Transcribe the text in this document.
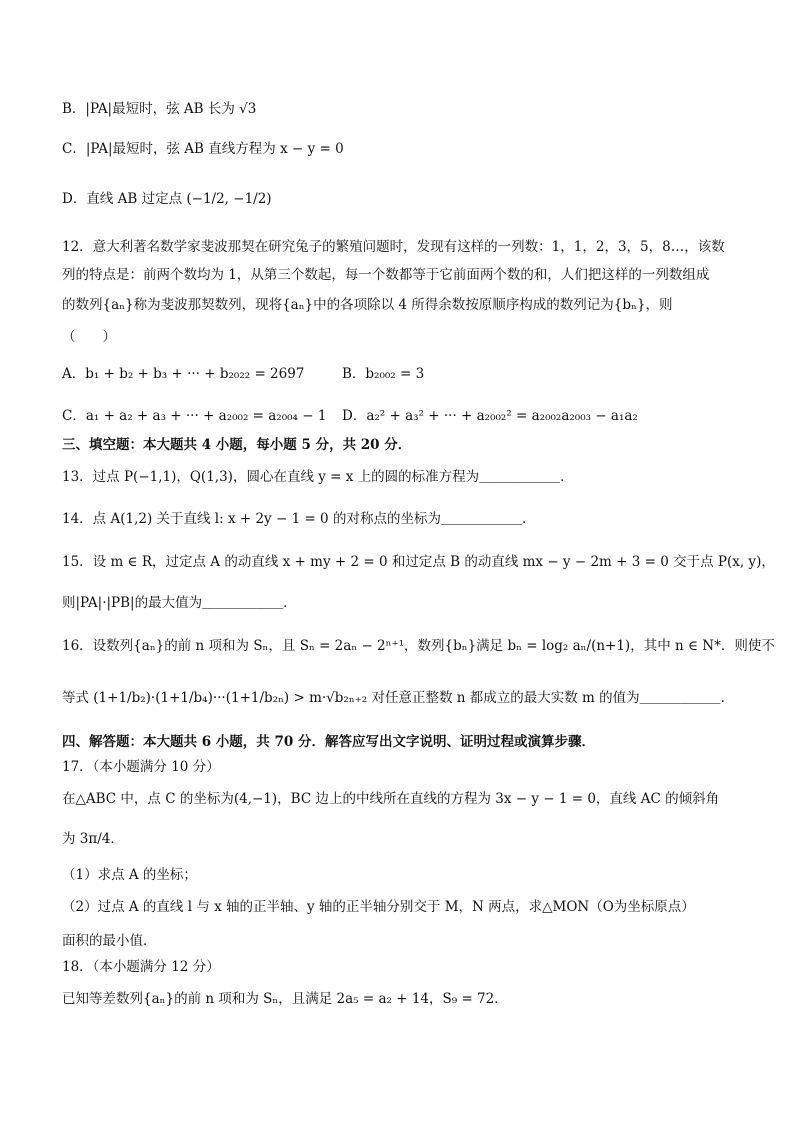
B．|PA|最短时，弦 AB 长为 √3
C．|PA|最短时，弦 AB 直线方程为 x − y = 0
D．直线 AB 过定点 (−1/2, −1/2)
12．意大利著名数学家斐波那契在研究兔子的繁殖问题时，发现有这样的一列数：1，1，2，3，5，8…，该数
列的特点是：前两个数均为 1，从第三个数起，每一个数都等于它前面两个数的和，人们把这样的一列数组成
的数列{aₙ}称为斐波那契数列，现将{aₙ}中的各项除以 4 所得余数按原顺序构成的数列记为{bₙ}，则
（　　）
A．b₁ + b₂ + b₃ + ··· + b₂₀₂₂ = 2697	B．b₂₀₀₂ = 3
C．a₁ + a₂ + a₃ + ··· + a₂₀₀₂ = a₂₀₀₄ − 1 D．a₂² + a₃² + ··· + a₂₀₀₂² = a₂₀₀₂a₂₀₀₃ − a₁a₂
三、填空题：本大题共 4 小题，每小题 5 分，共 20 分．
13．过点 P(−1,1)，Q(1,3)，圆心在直线 y = x 上的圆的标准方程为＿＿＿＿＿＿．
14．点 A(1,2) 关于直线 l: x + 2y − 1 = 0 的对称点的坐标为＿＿＿＿＿＿．
15．设 m ∈ R，过定点 A 的动直线 x + my + 2 = 0 和过定点 B 的动直线 mx − y − 2m + 3 = 0 交于点 P(x, y)，
则|PA|·|PB|的最大值为＿＿＿＿＿＿．
16．设数列{aₙ}的前 n 项和为 Sₙ，且 Sₙ = 2aₙ − 2ⁿ⁺¹，数列{bₙ}满足 bₙ = log₂ aₙ/(n+1)，其中 n ∈ N*．则使不
等式 (1+1/b₂)·(1+1/b₄)···(1+1/b₂ₙ) > m·√b₂ₙ₊₂ 对任意正整数 n 都成立的最大实数 m 的值为＿＿＿＿＿＿．
四、解答题：本大题共 6 小题，共 70 分．解答应写出文字说明、证明过程或演算步骤．
17．（本小题满分 10 分）
在△ABC 中，点 C 的坐标为(4,−1)，BC 边上的中线所在直线的方程为 3x − y − 1 = 0，直线 AC 的倾斜角
为 3π/4．
（1）求点 A 的坐标；
（2）过点 A 的直线 l 与 x 轴的正半轴、y 轴的正半轴分别交于 M，N 两点，求△MON（O为坐标原点）
面积的最小值．
18．（本小题满分 12 分）
已知等差数列{aₙ}的前 n 项和为 Sₙ，且满足 2a₅ = a₂ + 14，S₉ = 72．
